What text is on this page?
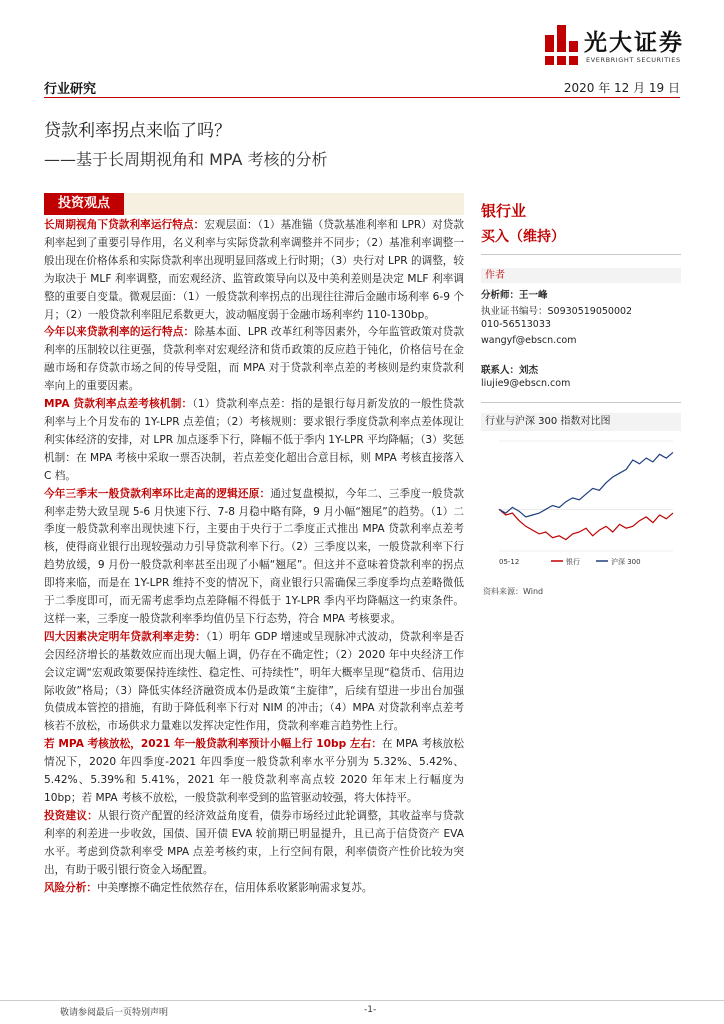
光大证券
EVERBRIGHT SECURITIES
行业研究	2020 年 12 月 19 日
贷款利率拐点来临了吗？
——基于长周期视角和 MPA 考核的分析
投资观点

长周期视角下贷款利率运行特点：宏观层面：（1）基准锚（贷款基准利率和 LPR）对贷款利率起到了重要引导作用，名义利率与实际贷款利率调整并不同步；（2）基准利率调整一般出现在价格体系和实际贷款利率出现明显回落或上行时期；（3）央行对 LPR 的调整，较为取决于 MLF 利率调整，而宏观经济、监管政策导向以及中美利差则是决定 MLF 利率调整的重要自变量。微观层面：（1）一般贷款利率拐点的出现往往滞后金融市场利率 6-9 个月；（2）一般贷款利率阻尼系数更大，波动幅度弱于金融市场利率约 110-130bp。

今年以来贷款利率的运行特点：除基本面、LPR 改革红利等因素外，今年监管政策对贷款利率的压制较以往更强，贷款利率对宏观经济和货币政策的反应趋于钝化，价格信号在金融市场和存贷款市场之间的传导受阻，而 MPA 对于贷款利率点差的考核则是约束贷款利率向上的重要因素。

MPA 贷款利率点差考核机制：（1）贷款利率点差：指的是银行每月新发放的一般性贷款利率与上个月发布的 1Y-LPR 点差值；（2）考核规则：要求银行季度贷款利率点差体现让利实体经济的安排，对 LPR 加点逐季下行，降幅不低于季内 1Y-LPR 平均降幅；（3）奖惩机制：在 MPA 考核中采取一票否决制，若点差变化超出合意目标，则 MPA 考核直接落入 C 档。

今年三季末一般贷款利率环比走高的逻辑还原：通过复盘模拟，今年二、三季度一般贷款利率走势大致呈现 5-6 月快速下行、7-8 月稳中略有降，9 月小幅“翘尾”的趋势。（1）二季度一般贷款利率出现快速下行，主要由于央行于二季度正式推出 MPA 贷款利率点差考核，使得商业银行出现较强动力引导贷款利率下行。（2）三季度以来，一般贷款利率下行趋势放缓，9 月份一般贷款利率甚至出现了小幅“翘尾”。但这并不意味着贷款利率的拐点即将来临，而是在 1Y-LPR 维持不变的情况下，商业银行只需确保三季度季均点差略微低于二季度即可，而无需考虑季均点差降幅不得低于 1Y-LPR 季内平均降幅这一约束条件。这样一来，三季度一般贷款利率季均值仍呈下行态势，符合 MPA 考核要求。

四大因素决定明年贷款利率走势：（1）明年 GDP 增速或呈现脉冲式波动，贷款利率是否会因经济增长的基数效应而出现大幅上调，仍存在不确定性；（2）2020 年中央经济工作会议定调“宏观政策要保持连续性、稳定性、可持续性”，明年大概率呈现“稳货币、信用边际收敛”格局；（3）降低实体经济融资成本仍是政策“主旋律”，后续有望进一步出台加强负债成本管控的措施，有助于降低利率下行对 NIM 的冲击；（4）MPA 对贷款利率点差考核若不放松，市场供求力量难以发挥决定性作用，贷款利率难言趋势性上行。

若 MPA 考核放松，2021 年一般贷款利率预计小幅上行 10bp 左右：在 MPA 考核放松情况下，2020 年四季度-2021 年四季度一般贷款利率水平分别为 5.32%、5.42%、5.42%、5.39%和 5.41%，2021 年一般贷款利率高点较 2020 年年末上行幅度为 10bp；若 MPA 考核不放松，一般贷款利率受到的监管驱动较强，将大体持平。

投资建议：从银行资产配置的经济效益角度看，债券市场经过此轮调整，其收益率与贷款利率的利差进一步收敛，国债、国开债 EVA 较前期已明显提升，且已高于信贷资产 EVA 水平。考虑到贷款利率受 MPA 点差考核约束，上行空间有限，利率债资产性价比较为突出，有助于吸引银行资金入场配置。

风险分析：中美摩擦不确定性依然存在，信用体系收紧影响需求复苏。

银行业
买入（维持）
作者
分析师：王一峰
执业证书编号：S0930519050002
010-56513033
wangyf@ebscn.com
联系人：刘杰
liujie9@ebscn.com
行业与沪深 300 指数对比图
05-12	银行	沪深 300
资料来源：Wind
敬请参阅最后一页特别声明	-1-
